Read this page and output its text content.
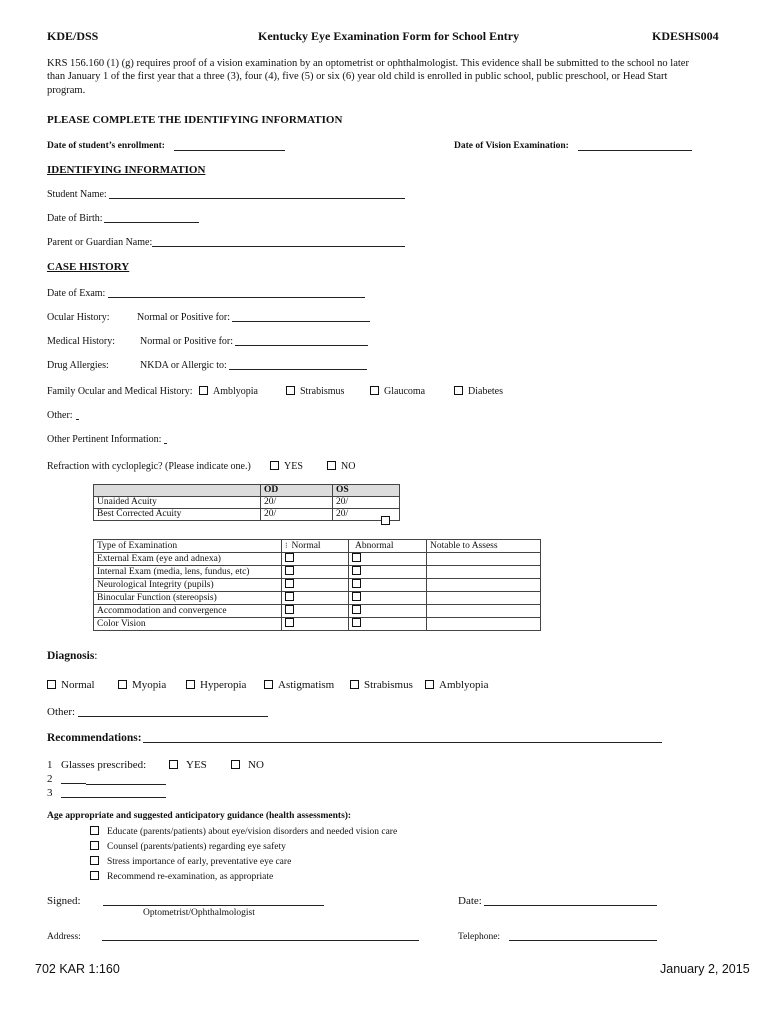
KDE/DSS	Kentucky Eye Examination Form for School Entry	KDESHS004
KRS 156.160 (1) (g) requires proof of a vision examination by an optometrist or ophthalmologist. This evidence shall be submitted to the school no later
than January 1 of the first year that a three (3), four (4), five (5) or six (6) year old child is enrolled in public school, public preschool, or Head Start
program.
PLEASE COMPLETE THE IDENTIFYING INFORMATION
Date of student’s enrollment:	Date of Vision Examination:
IDENTIFYING INFORMATION
Student Name:
Date of Birth:
Parent or Guardian Name:
CASE HISTORY
Date of Exam:
Ocular History:	Normal or Positive for:
Medical History: Normal or Positive for:
Drug Allergies:	NKDA or Allergic to:
Family Ocular and Medical History:	Amblyopia	Strabismus	Glaucoma	Diabetes
Other:
Other Pertinent Information:
Refraction with cycloplegic? (Please indicate one.)	YES	NO
	OD	OS
Unaided Acuity	20/	20/
Best Corrected Acuity	20/	20/
Type of Examination	⁝ Normal	Abnormal	Notable to Assess
External Exam (eye and adnexa)			
Internal Exam (media, lens, fundus, etc)			
Neurological Integrity (pupils)			
Binocular Function (stereopsis)			
Accommodation and convergence			
Color Vision			
Diagnosis:
Normal	Myopia	Hyperopia	Astigmatism	Strabismus	Amblyopia
Other:
Recommendations:
1 Glasses prescribed:	YES	NO
2
3
Age appropriate and suggested anticipatory guidance (health assessments):
Educate (parents/patients) about eye/vision disorders and needed vision care
Counsel (parents/patients) regarding eye safety
Stress importance of early, preventative eye care
Recommend re-examination, as appropriate
Signed:
Optometrist/Ophthalmologist
Date:
Address:	Telephone:
702 KAR 1:160	January 2, 2015
